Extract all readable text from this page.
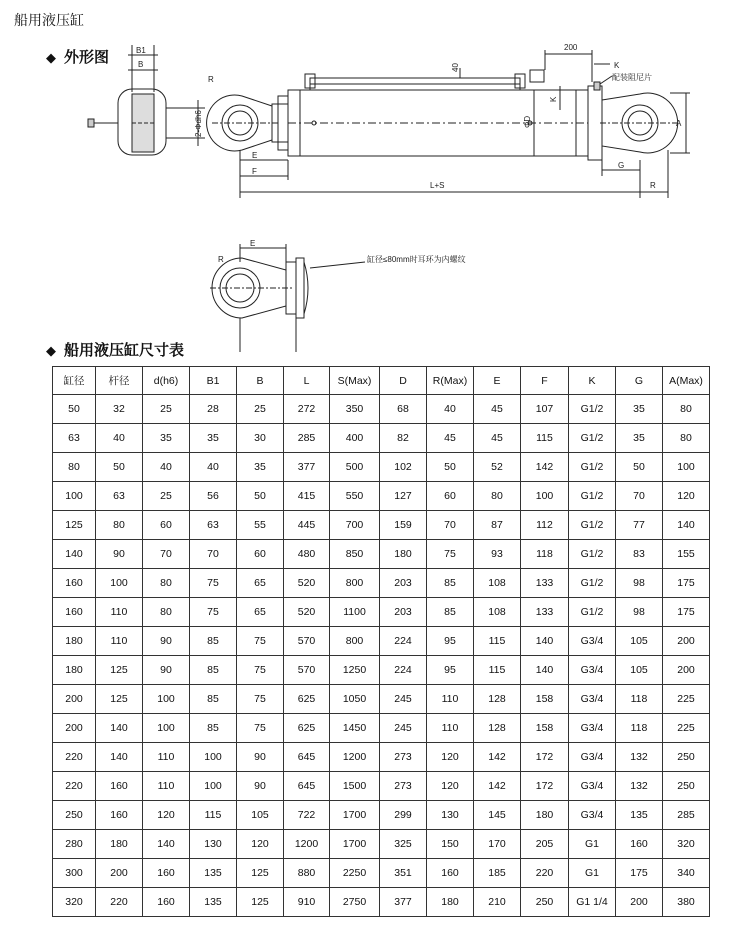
船用液压缸
◆ 外形图	B1
B
2-Φdh6
R
40
200
K
配装阻尼片
ΦD
K
A
E
F
G
L+S	R
E
R	缸径≤80mm时耳环为内螺纹
◆ 船用液压缸尺寸表
缸径	杆径	d(h6)	B1	B	L	S(Max)	D	R(Max)	E	F	K	G	A(Max)
50	32	25	28	25	272	350	68	40	45	107	G1/2	35	80
63	40	35	35	30	285	400	82	45	45	115	G1/2	35	80
80	50	40	40	35	377	500	102	50	52	142	G1/2	50	100
100	63	25	56	50	415	550	127	60	80	100	G1/2	70	120
125	80	60	63	55	445	700	159	70	87	112	G1/2	77	140
140	90	70	70	60	480	850	180	75	93	118	G1/2	83	155
160	100	80	75	65	520	800	203	85	108	133	G1/2	98	175
160	110	80	75	65	520	1100	203	85	108	133	G1/2	98	175
180	110	90	85	75	570	800	224	95	115	140	G3/4	105	200
180	125	90	85	75	570	1250	224	95	115	140	G3/4	105	200
200	125	100	85	75	625	1050	245	110	128	158	G3/4	118	225
200	140	100	85	75	625	1450	245	110	128	158	G3/4	118	225
220	140	110	100	90	645	1200	273	120	142	172	G3/4	132	250
220	160	110	100	90	645	1500	273	120	142	172	G3/4	132	250
250	160	120	115	105	722	1700	299	130	145	180	G3/4	135	285
280	180	140	130	120	1200	1700	325	150	170	205	G1	160	320
300	200	160	135	125	880	2250	351	160	185	220	G1	175	340
320	220	160	135	125	910	2750	377	180	210	250	G1 1/4	200	380
